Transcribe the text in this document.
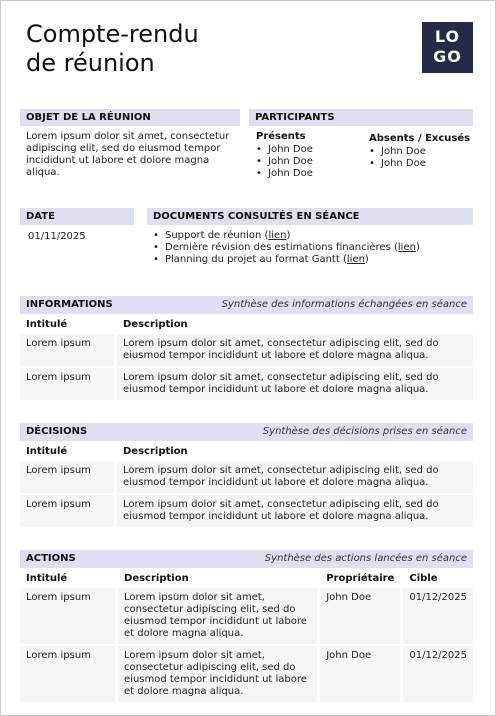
Compte-rendu
de réunion
LO
GO
OBJET DE LA RÉUNION
Lorem ipsum dolor sit amet, consectetur adipiscing elit, sed do eiusmod tempor incididunt ut labore et dolore magna aliqua.
PARTICIPANTS
Présents
• John Doe
• John Doe
• John Doe
Absents / Excusés
• John Doe
• John Doe
DATE
01/11/2025
DOCUMENTS CONSULTÉS EN SÉANCE
• Support de réunion (lien)
• Dernière révision des estimations financières (lien)
• Planning du projet au format Gantt (lien)
INFORMATIONS	Synthèse des informations échangées en séance
Intitulé	Description
Lorem ipsum	Lorem ipsum dolor sit amet, consectetur adipiscing elit, sed do eiusmod tempor incididunt ut labore et dolore magna aliqua.
Lorem ipsum	Lorem ipsum dolor sit amet, consectetur adipiscing elit, sed do eiusmod tempor incididunt ut labore et dolore magna aliqua.
DÉCISIONS	Synthèse des décisions prises en séance
Intitulé	Description
Lorem ipsum	Lorem ipsum dolor sit amet, consectetur adipiscing elit, sed do eiusmod tempor incididunt ut labore et dolore magna aliqua.
Lorem ipsum	Lorem ipsum dolor sit amet, consectetur adipiscing elit, sed do eiusmod tempor incididunt ut labore et dolore magna aliqua.
ACTIONS	Synthèse des actions lancées en séance
Intitulé	Description	Propriétaire	Cible
Lorem ipsum	Lorem ipsum dolor sit amet, consectetur adipiscing elit, sed do eiusmod tempor incididunt ut labore et dolore magna aliqua.	John Doe	01/12/2025
Lorem ipsum	Lorem ipsum dolor sit amet, consectetur adipiscing elit, sed do eiusmod tempor incididunt ut labore et dolore magna aliqua.	John Doe	01/12/2025
